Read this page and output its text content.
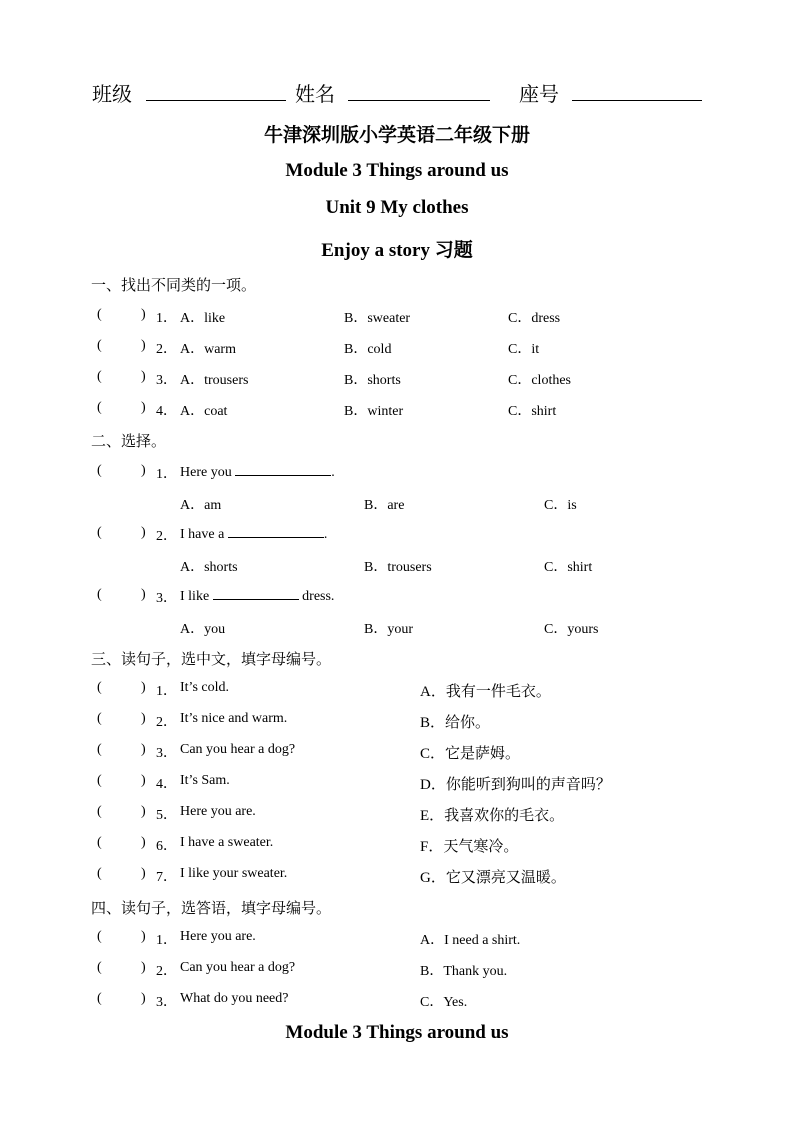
班级	姓名	座号
牛津深圳版小学英语二年级下册
Module 3 Things around us
Unit 9 My clothes
Enjoy a story 习题
一、找出不同类的一项。
(	) 1． A．like	B．sweater	C．dress
(	) 2． A．warm	B．cold	C．it
(	) 3． A．trousers	B．shorts	C．clothes
(	) 4． A．coat	B．winter	C．shirt
二、选择。
(	) 1． Here you	.
A．am	B．are	C．is
(	) 2． I have a	.
A．shorts	B．trousers	C．shirt
(	) 3． I like	dress.
A．you	B．your	C．yours
三、读句子，选中文，填字母编号。
(	) 1． It’s cold.	A．我有一件毛衣。
(	) 2． It’s nice and warm.	B．给你。
(	) 3． Can you hear a dog?	C．它是萨姆。
(	) 4． It’s Sam.	D．你能听到狗叫的声音吗？
(	) 5． Here you are.	E．我喜欢你的毛衣。
(	) 6． I have a sweater.	F．天气寒冷。
(	) 7． I like your sweater.	G．它又漂亮又温暖。
四、读句子，选答语，填字母编号。
(	) 1． Here you are.	A．I need a shirt.
(	) 2． Can you hear a dog?	B．Thank you.
(	) 3． What do you need?	C．Yes.
Module 3 Things around us
